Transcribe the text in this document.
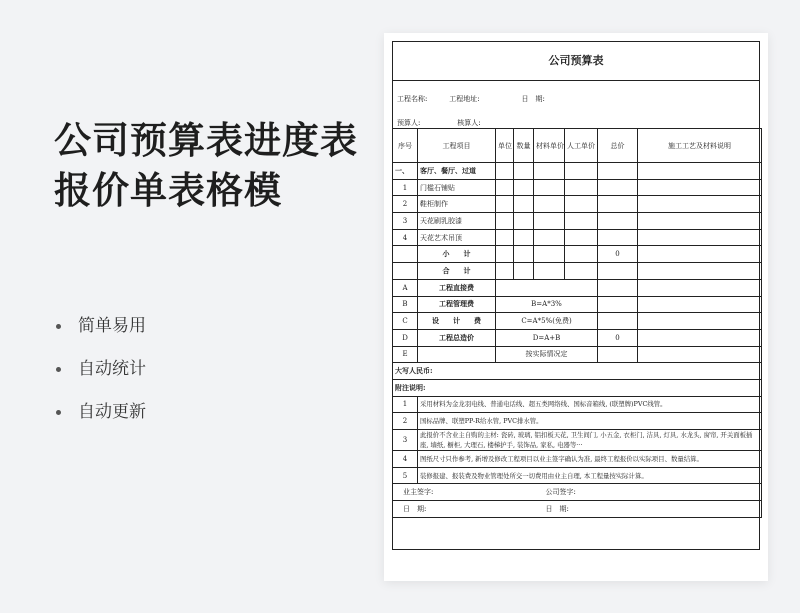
公司预算表进度表报价单表格模
简单易用
自动统计
自动更新
公司预算表
工程名称:	工程地址:	日　期:
预算人:	核算人:
序号	工程项目	单位	数量	材料单价	人工单价	总价	施工工艺及材料说明
一、	客厅、餐厅、过道						
1	门槛石铺贴						
2	鞋柜制作						
3	天花刷乳胶漆						
4	天花艺术吊顶						
	小　　计					0	
	合　　计						
A	工程直接费						
B	工程管理费	B=A*3%					
C	设　　计　　费	C=A*5%(免费)					
D	工程总造价	D=A+B				0	
E		按实际情况定					
大写人民币:							
附注说明:							
1	采用材料为金龙羽电线、普通电话线、超五类网络线、国标音箱线, (联塑牌)PVC线管。						
2	国标品牌、联塑PP-R给水管, PVC排水管。						
3	此报价不含业主自购的主材: 瓷砖, 玻璃, 铝扣板天花, 卫生间门, 小五金, 衣柜门, 洁具, 灯具, 水龙头, 窗帘, 开关面板插座, 墙纸, 橱柜, 大理石, 楼梯护手, 装饰品, 家私, 电器等···						
4	图纸尺寸只作参考, 新增及修改工程项目以业主签字确认为准, 最终工程报价以实际项目、数量结算。						
5	装修报建、报装费及物业管理处所交一切费用由业主自理, 本工程量按实际计算。						
业主签字:				公司签字:			
日　期:				日　期:			
